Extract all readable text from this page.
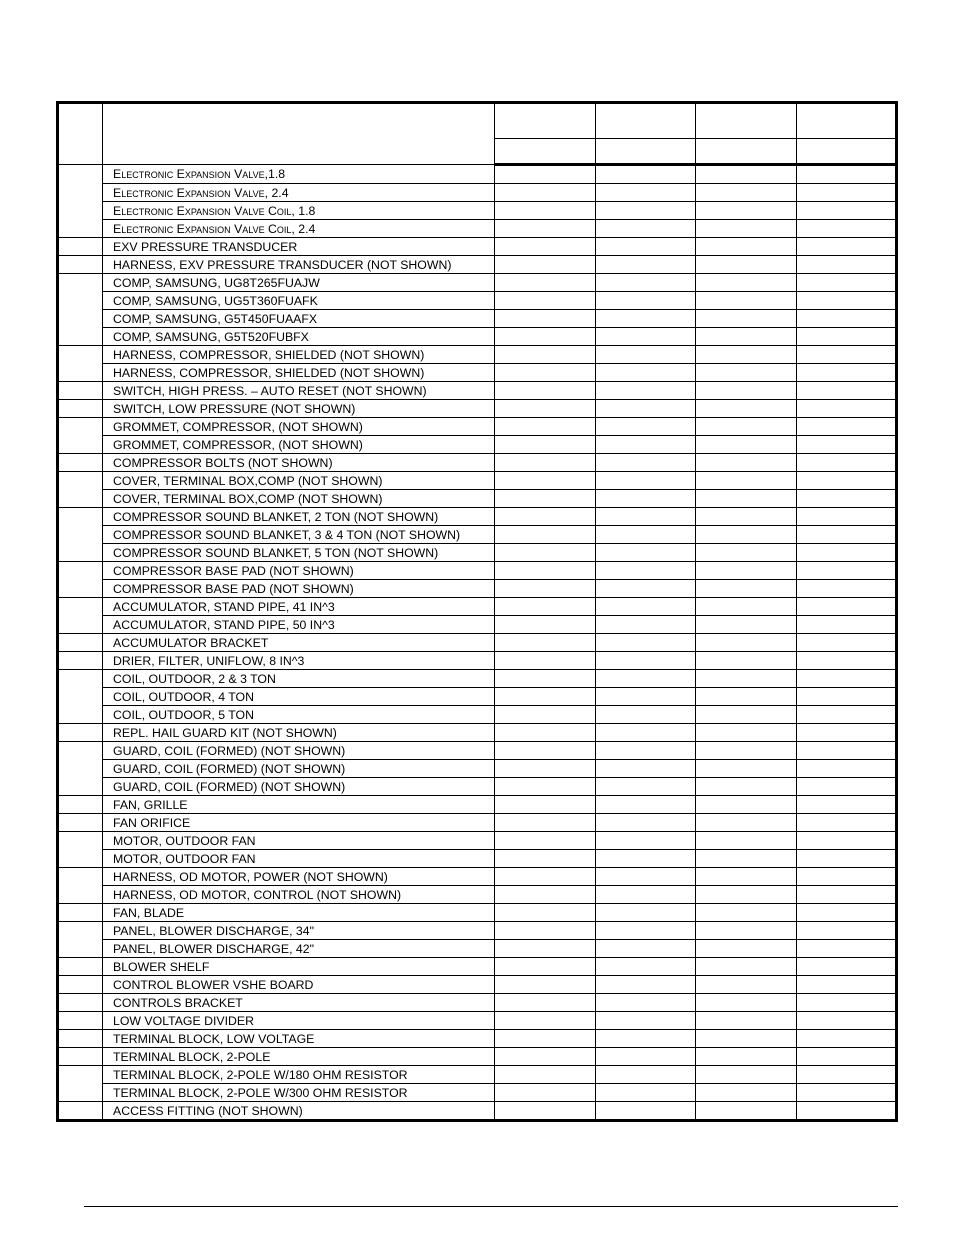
	Electronic Expansion Valve,1.8				
	Electronic Expansion Valve, 2.4				
	Electronic Expansion Valve Coil, 1.8				
	Electronic Expansion Valve Coil, 2.4				
	EXV PRESSURE TRANSDUCER				
	HARNESS, EXV PRESSURE TRANSDUCER (NOT SHOWN)				
	COMP, SAMSUNG, UG8T265FUAJW				
	COMP, SAMSUNG, UG5T360FUAFK				
	COMP, SAMSUNG, G5T450FUAAFX				
	COMP, SAMSUNG, G5T520FUBFX				
	HARNESS, COMPRESSOR, SHIELDED (NOT SHOWN)				
	HARNESS, COMPRESSOR, SHIELDED (NOT SHOWN)				
	SWITCH, HIGH PRESS. – AUTO RESET (NOT SHOWN)				
	SWITCH, LOW PRESSURE (NOT SHOWN)				
	GROMMET, COMPRESSOR, (NOT SHOWN)				
	GROMMET, COMPRESSOR, (NOT SHOWN)				
	COMPRESSOR BOLTS (NOT SHOWN)				
	COVER, TERMINAL BOX,COMP (NOT SHOWN)				
	COVER, TERMINAL BOX,COMP (NOT SHOWN)				
	COMPRESSOR SOUND BLANKET, 2 TON (NOT SHOWN)				
	COMPRESSOR SOUND BLANKET, 3 & 4 TON (NOT SHOWN)				
	COMPRESSOR SOUND BLANKET, 5 TON (NOT SHOWN)				
	COMPRESSOR BASE PAD (NOT SHOWN)				
	COMPRESSOR BASE PAD (NOT SHOWN)				
	ACCUMULATOR, STAND PIPE, 41 IN^3				
	ACCUMULATOR, STAND PIPE, 50 IN^3				
	ACCUMULATOR BRACKET				
	DRIER, FILTER, UNIFLOW, 8 IN^3				
	COIL, OUTDOOR, 2 & 3 TON				
	COIL, OUTDOOR, 4 TON				
	COIL, OUTDOOR, 5 TON				
	REPL. HAIL GUARD KIT (NOT SHOWN)				
	GUARD, COIL (FORMED) (NOT SHOWN)				
	GUARD, COIL (FORMED) (NOT SHOWN)				
	GUARD, COIL (FORMED) (NOT SHOWN)				
	FAN, GRILLE				
	FAN ORIFICE				
	MOTOR, OUTDOOR FAN				
	MOTOR, OUTDOOR FAN				
	HARNESS, OD MOTOR, POWER (NOT SHOWN)				
	HARNESS, OD MOTOR, CONTROL (NOT SHOWN)				
	FAN, BLADE				
	PANEL, BLOWER DISCHARGE, 34"				
	PANEL, BLOWER DISCHARGE, 42"				
	BLOWER SHELF				
	CONTROL BLOWER VSHE BOARD				
	CONTROLS BRACKET				
	LOW VOLTAGE DIVIDER				
	TERMINAL BLOCK, LOW VOLTAGE				
	TERMINAL BLOCK, 2-POLE				
	TERMINAL BLOCK, 2-POLE W/180 OHM RESISTOR				
	TERMINAL BLOCK, 2-POLE W/300 OHM RESISTOR				
	ACCESS FITTING (NOT SHOWN)				
